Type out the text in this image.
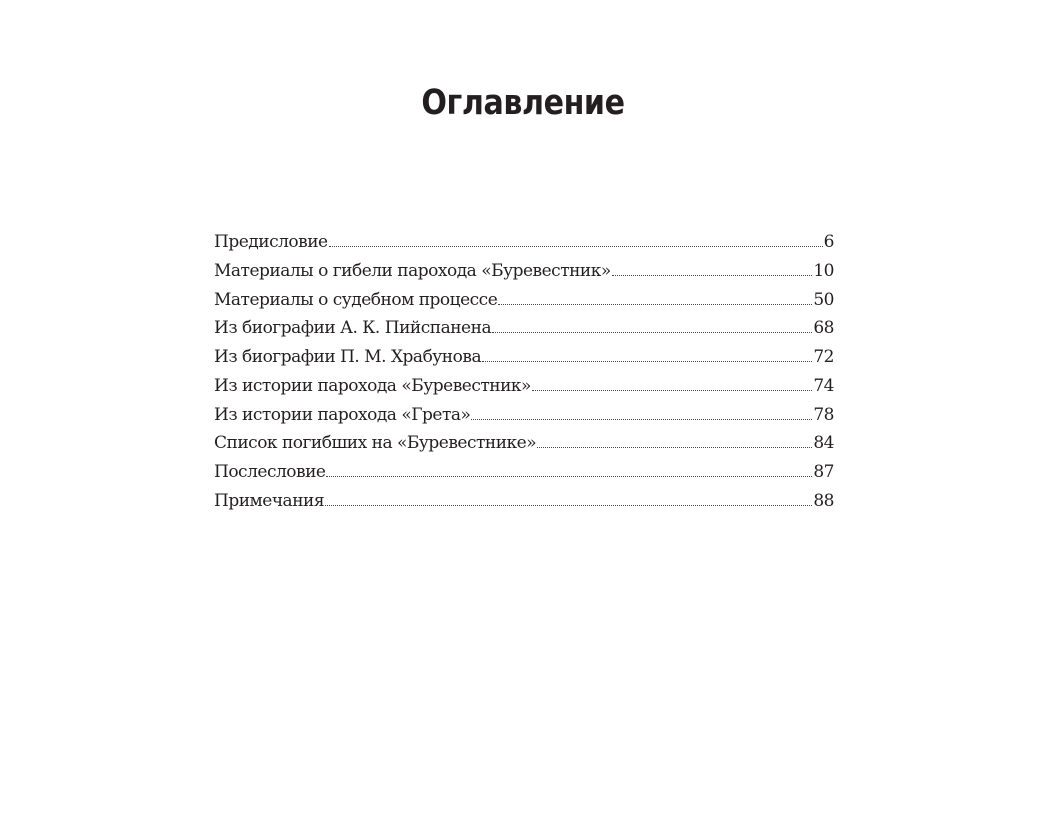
Оглавление
Предисловие	6
Материалы о гибели парохода «Буревестник»	10
Материалы о судебном процессе	50
Из биографии А. К. Пийспанена	68
Из биографии П. М. Храбунова	72
Из истории парохода «Буревестник»	74
Из истории парохода «Грета»	78
Список погибших на «Буревестнике»	84
Послесловие	87
Примечания	88
